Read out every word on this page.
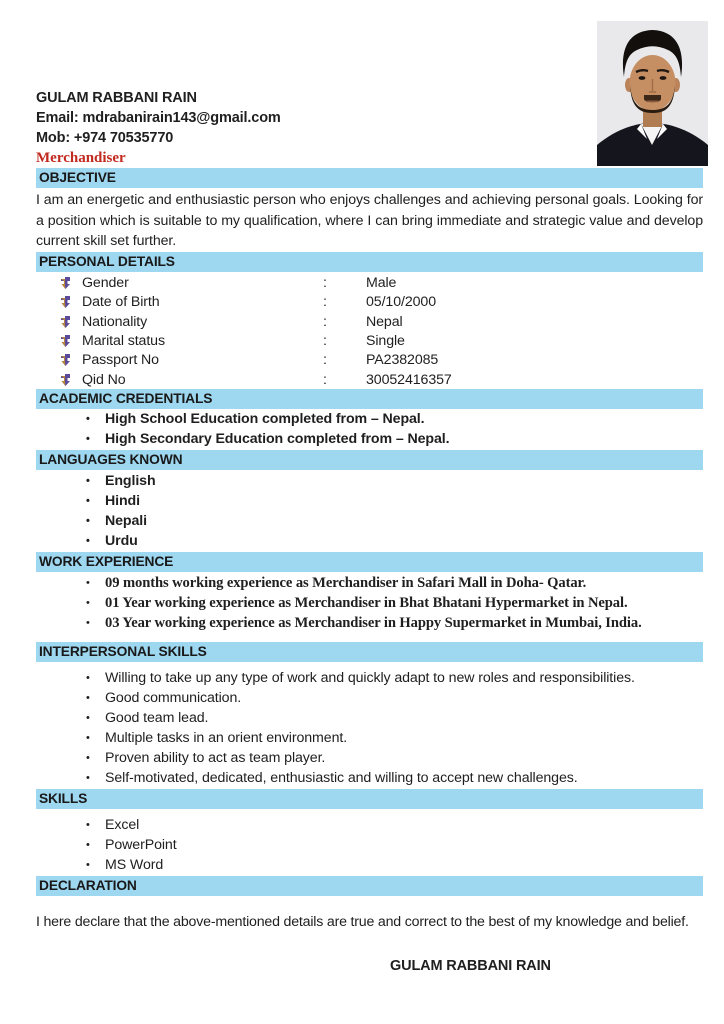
GULAM RABBANI RAIN
Email: mdrabanirain143@gmail.com
Mob: +974 70535770
Merchandiser
OBJECTIVE
I am an energetic and enthusiastic person who enjoys challenges and achieving personal goals. Looking for a position which is suitable to my qualification, where I can bring immediate and strategic value and develop current skill set further.
PERSONAL DETAILS
Gender	:	Male
Date of Birth	:	05/10/2000
Nationality	:	Nepal
Marital status	:	Single
Passport No	:	PA2382085
Qid No	:	30052416357
ACADEMIC CREDENTIALS
•	High School Education completed from – Nepal.
•	High Secondary Education completed from – Nepal.
LANGUAGES KNOWN
•	English
•	Hindi
•	Nepali
•	Urdu
WORK EXPERIENCE
•	09 months working experience as Merchandiser in Safari Mall in Doha- Qatar.
•	01 Year working experience as Merchandiser in Bhat Bhatani Hypermarket in Nepal.
•	03 Year working experience as Merchandiser in Happy Supermarket in Mumbai, India.
INTERPERSONAL SKILLS
•	Willing to take up any type of work and quickly adapt to new roles and responsibilities.
•	Good communication.
•	Good team lead.
•	Multiple tasks in an orient environment.
•	Proven ability to act as team player.
•	Self-motivated, dedicated, enthusiastic and willing to accept new challenges.
SKILLS
•	Excel
•	PowerPoint
•	MS Word
DECLARATION
I here declare that the above-mentioned details are true and correct to the best of my knowledge and belief.
GULAM RABBANI RAIN
